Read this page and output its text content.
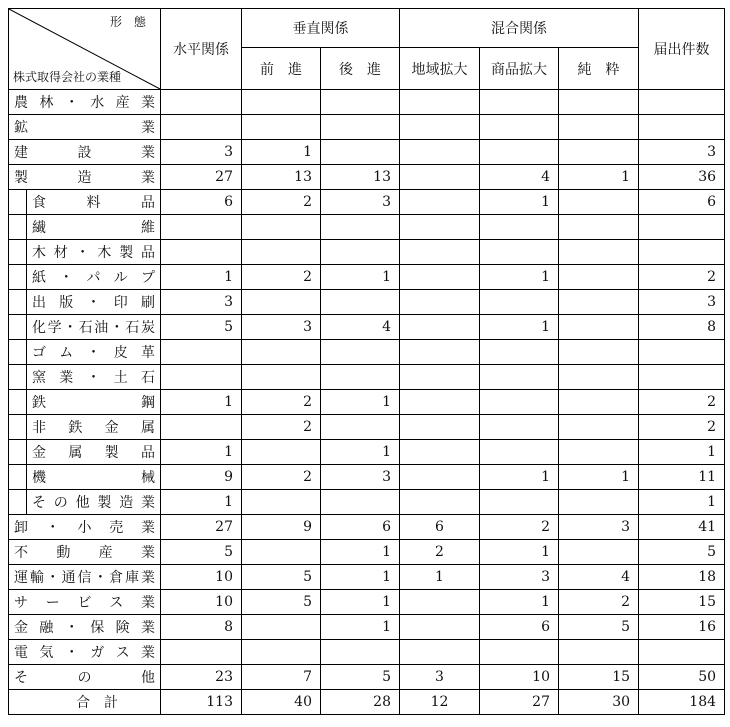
形　態
株式取得会社の業種		水平関係	垂直関係		混合関係			届出件数
			前　進	後　進	地域拡大	商品拡大	純　粋	
農林・水産業								
鉱業								
建設業		3	1					3
製造業		27	13	13		4	1	36
	食料品	6	2	3		1		6
	繊維							
	木材・木製品							
	紙・パルプ	1	2	1		1		2
	出版・印刷	3						3
	化学・石油・石炭	5	3	4		1		8
	ゴム・皮革							
	窯業・土石							
	鉄鋼	1	2	1				2
	非鉄金属		2					2
	金属製品	1		1				1
	機械	9	2	3		1	1	11
	その他製造業	1						1
卸・小売業		27	9	6	6	2	3	41
不動産業		5		1	2	1		5
運輸・通信・倉庫業		10	5	1	1	3	4	18
サービス業		10	5	1		1	2	15
金融・保険業		8		1		6	5	16
電気・ガス業								
その他		23	7	5	3	10	15	50
合　計		113	40	28	12	27	30	184
